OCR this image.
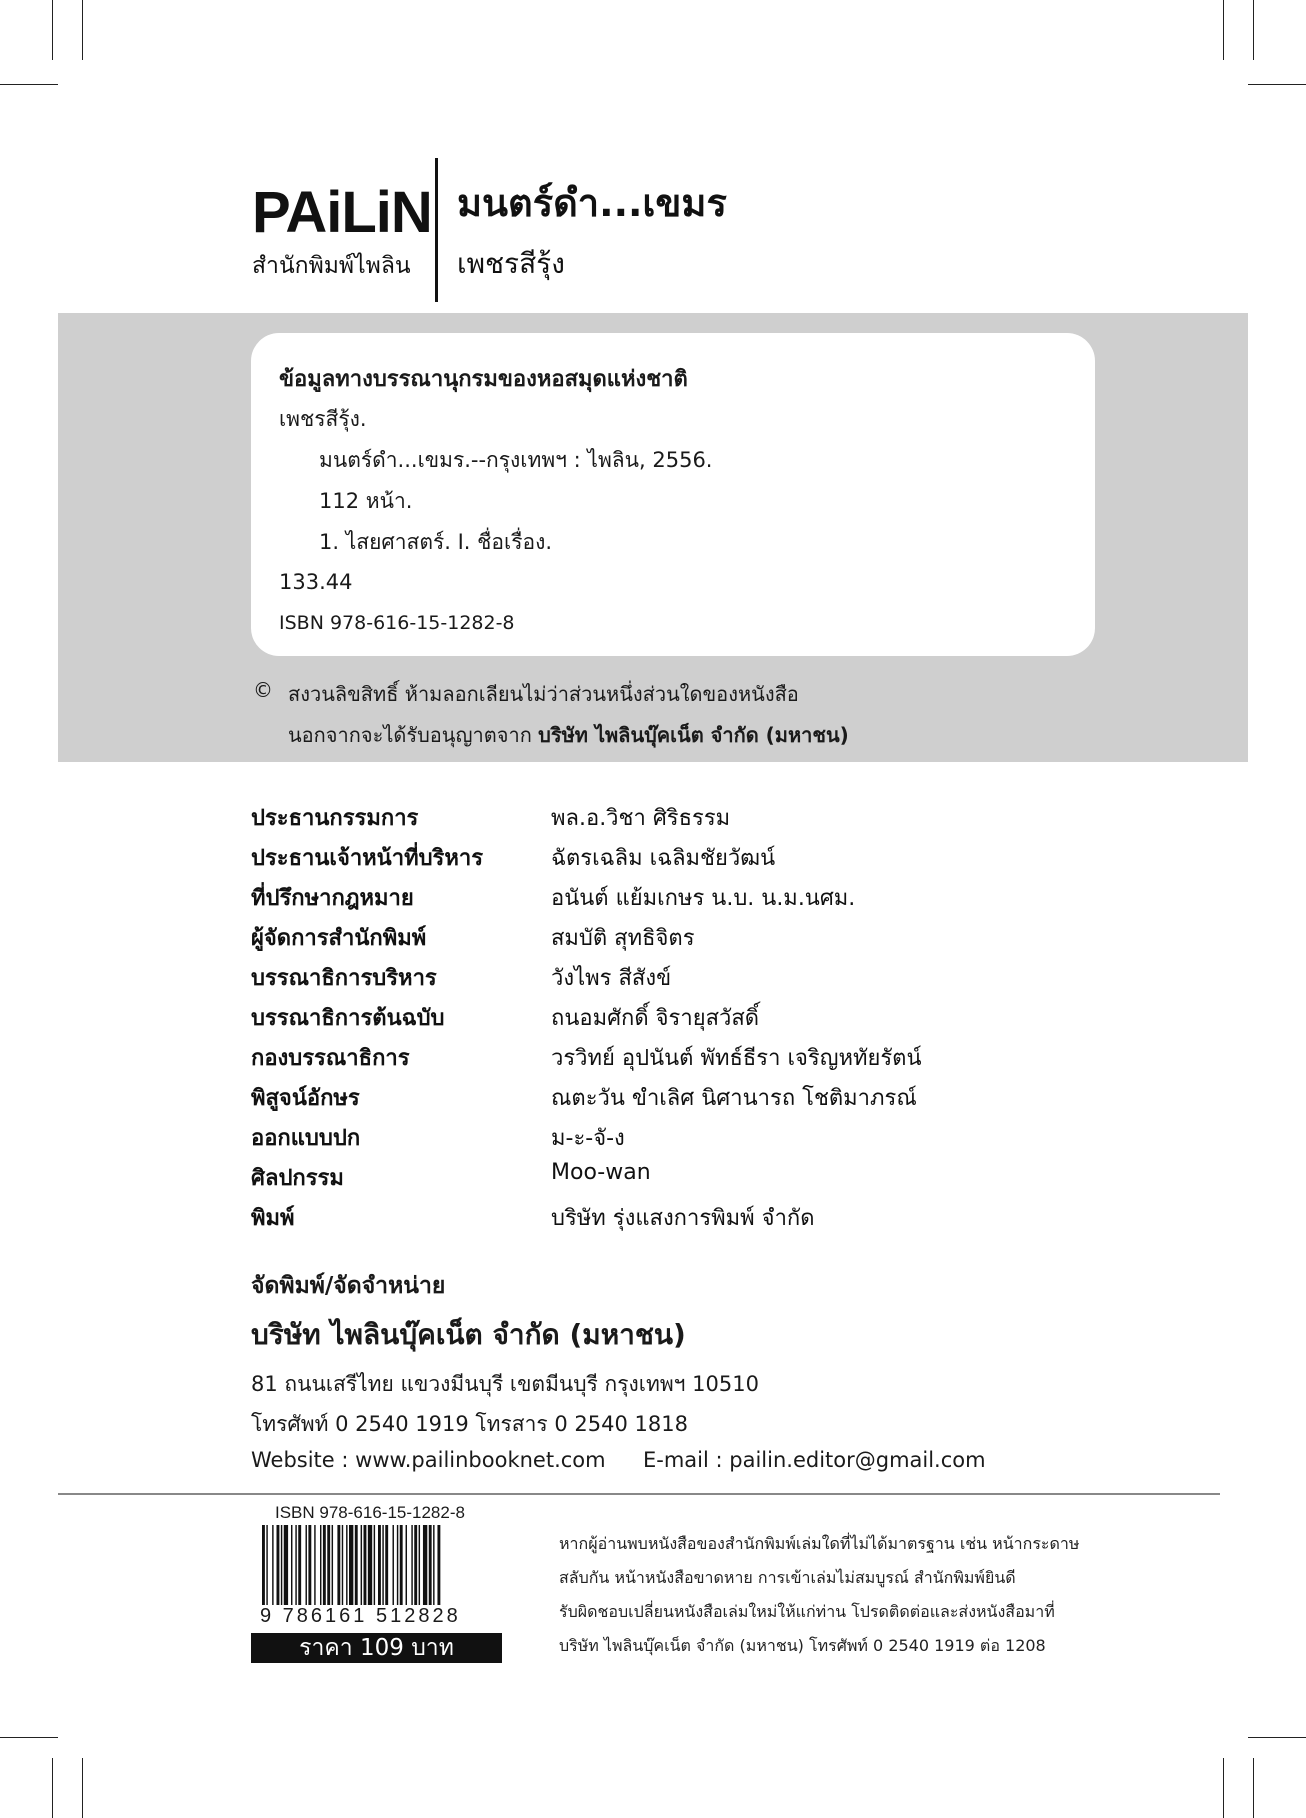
PAiLiN
สำนักพิมพ์ไพลิน
มนตร์ดำ...เขมร
เพชรสีรุ้ง
ข้อมูลทางบรรณานุกรมของหอสมุดแห่งชาติ
เพชรสีรุ้ง.
มนตร์ดำ...เขมร.--กรุงเทพฯ : ไพลิน, 2556.
112 หน้า.
1. ไสยศาสตร์. I. ชื่อเรื่อง.
133.44
ISBN 978-616-15-1282-8
© สงวนลิขสิทธิ์ ห้ามลอกเลียนไม่ว่าส่วนหนึ่งส่วนใดของหนังสือ
นอกจากจะได้รับอนุญาตจาก บริษัท ไพลินบุ๊คเน็ต จำกัด (มหาชน)
ประธานกรรมการ	พล.อ.วิชา ศิริธรรม
ประธานเจ้าหน้าที่บริหาร	ฉัตรเฉลิม เฉลิมชัยวัฒน์
ที่ปรึกษากฎหมาย	อนันต์ แย้มเกษร น.บ. น.ม.นศม.
ผู้จัดการสำนักพิมพ์	สมบัติ สุทธิจิตร
บรรณาธิการบริหาร	วังไพร สีสังข์
บรรณาธิการต้นฉบับ	ถนอมศักดิ์ จิรายุสวัสดิ์
กองบรรณาธิการ	วรวิทย์ อุปนันต์ พัทธ์ธีรา เจริญหทัยรัตน์
พิสูจน์อักษร	ณตะวัน ขำเลิศ นิศานารถ โชติมาภรณ์
ออกแบบปก	ม-ะ-จั-ง
ศิลปกรรม	Moo-wan
พิมพ์	บริษัท รุ่งแสงการพิมพ์ จำกัด
จัดพิมพ์/จัดจำหน่าย
บริษัท ไพลินบุ๊คเน็ต จำกัด (มหาชน)
81 ถนนเสรีไทย แขวงมีนบุรี เขตมีนบุรี กรุงเทพฯ 10510
โทรศัพท์ 0 2540 1919 โทรสาร 0 2540 1818
Website : www.pailinbooknet.com E-mail : pailin.editor@gmail.com
ISBN 978-616-15-1282-8
9 786161 512828
ราคา 109 บาท
หากผู้อ่านพบหนังสือของสำนักพิมพ์เล่มใดที่ไม่ได้มาตรฐาน เช่น หน้ากระดาษ
สลับกัน หน้าหนังสือขาดหาย การเข้าเล่มไม่สมบูรณ์ สำนักพิมพ์ยินดี
รับผิดชอบเปลี่ยนหนังสือเล่มใหม่ให้แก่ท่าน โปรดติดต่อและส่งหนังสือมาที่
บริษัท ไพลินบุ๊คเน็ต จำกัด (มหาชน) โทรศัพท์ 0 2540 1919 ต่อ 1208
